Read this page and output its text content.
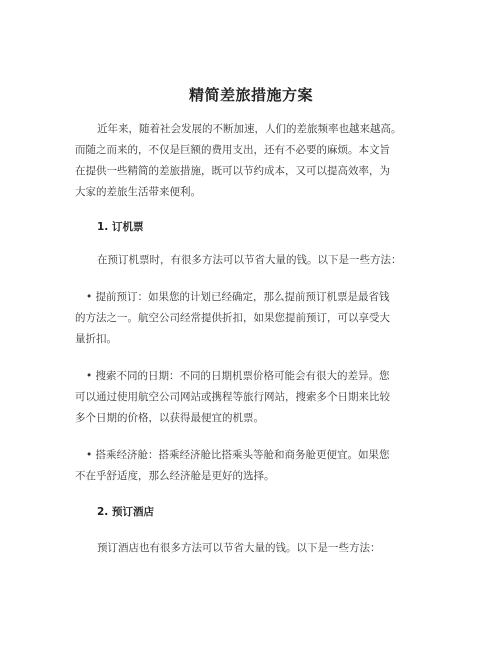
精简差旅措施方案

近年来，随着社会发展的不断加速，人们的差旅频率也越来越高。

而随之而来的，不仅是巨额的费用支出，还有不必要的麻烦。本文旨

在提供一些精简的差旅措施，既可以节约成本，又可以提高效率，为

大家的差旅生活带来便利。

1. 订机票

在预订机票时，有很多方法可以节省大量的钱。以下是一些方法：

• 提前预订：如果您的计划已经确定，那么提前预订机票是最省钱

的方法之一。航空公司经常提供折扣，如果您提前预订，可以享受大

量折扣。

• 搜索不同的日期：不同的日期机票价格可能会有很大的差异。您

可以通过使用航空公司网站或携程等旅行网站，搜索多个日期来比较

多个日期的价格，以获得最便宜的机票。

• 搭乘经济舱：搭乘经济舱比搭乘头等舱和商务舱更便宜。如果您

不在乎舒适度，那么经济舱是更好的选择。

2. 预订酒店

预订酒店也有很多方法可以节省大量的钱。以下是一些方法：
